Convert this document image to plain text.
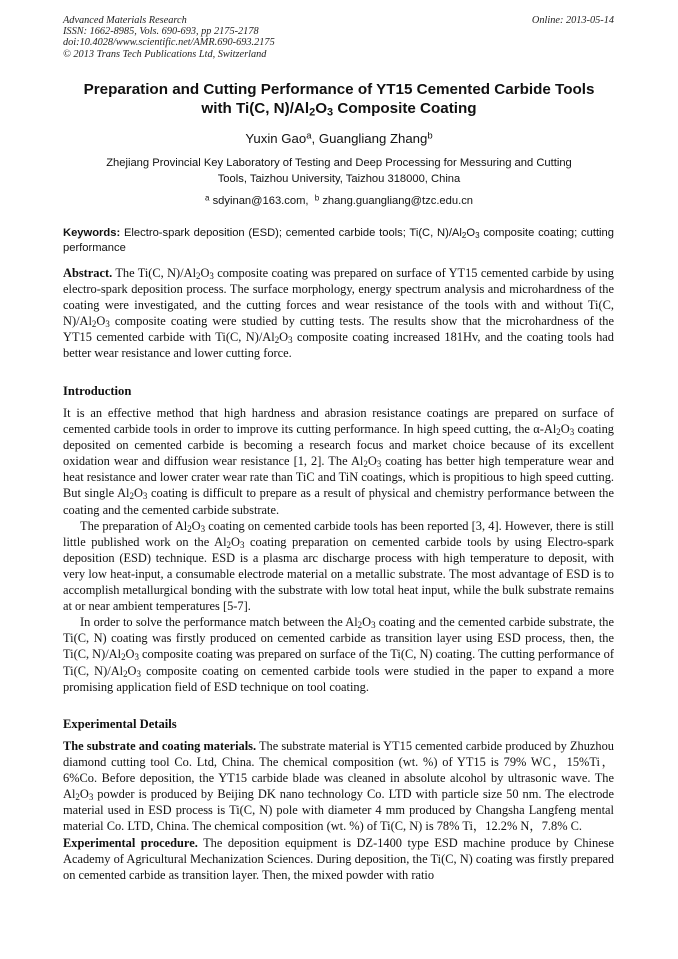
Advanced Materials Research
ISSN: 1662-8985, Vols. 690-693, pp 2175-2178
doi:10.4028/www.scientific.net/AMR.690-693.2175
© 2013 Trans Tech Publications Ltd, Switzerland
Online: 2013-05-14
Preparation and Cutting Performance of YT15 Cemented Carbide Tools
with Ti(C, $N)/Al_2O_3$ Composite Coating
Yuxin Gao$^a$, Guangliang Zhang$^b$
Zhejiang Provincial Key Laboratory of Testing and Deep Processing for Messuring and Cutting
Tools, Taizhou University, Taizhou 318000, China
$^a$ sdyinan@163.com, $^b$ zhang.guangliang@tzc.edu.cn
Keywords: Electro-spark deposition (ESD); cemented carbide tools; Ti(C, $N)/Al_2O_3$ composite coating; cutting performance

Abstract. The Ti(C, $N)/Al_2O_3$ composite coating was prepared on surface of YT15 cemented carbide by using electro-spark deposition process. The surface morphology, energy spectrum analysis and microhardness of the coating were investigated, and the cutting forces and wear resistance of the tools with and without Ti(C, $N)/Al_2O_3$ composite coating were studied by cutting tests. The results show that the microhardness of the YT15 cemented carbide with Ti(C, $N)/Al_2O_3$ composite coating increased 181Hv, and the coating tools had better wear resistance and lower cutting force.

Introduction

It is an effective method that high hardness and abrasion resistance coatings are prepared on surface of cemented carbide tools in order to improve its cutting performance. In high speed cutting, the $\alpha-Al_2O_3$ coating deposited on cemented carbide is becoming a research focus and market choice because of its excellent oxidation wear and diffusion wear resistance [1, 2]. The $Al_2O_3$ coating has better high temperature wear and heat resistance and lower crater wear rate than TiC and TiN coatings, which is propitious to high speed cutting. But single $Al_2O_3$ coating is difficult to prepare as a result of physical and chemistry performance between the coating and the cemented carbide substrate.

The preparation of $Al_2O_3$ coating on cemented carbide tools has been reported [3, 4]. However, there is still little published work on the $Al_2O_3$ coating preparation on cemented carbide tools by using Electro-spark deposition (ESD) technique. ESD is a plasma arc discharge process with high temperature to deposit, with very low heat-input, a consumable electrode material on a metallic substrate. The most advantage of ESD is to accomplish metallurgical bonding with the substrate with low total heat input, while the bulk substrate remains at or near ambient temperatures [5-7].

In order to solve the performance match between the $Al_2O_3$ coating and the cemented carbide substrate, the Ti(C, N) coating was firstly produced on cemented carbide as transition layer using ESD process, then, the Ti(C, $N)/Al_2O_3$ composite coating was prepared on surface of the Ti(C, N) coating. The cutting performance of Ti(C, $N)/Al_2O_3$ composite coating on cemented carbide tools were studied in the paper to expand a more promising application field of ESD technique on tool coating.

Experimental Details

The substrate and coating materials. The substrate material is YT15 cemented carbide produced by Zhuzhou diamond cutting tool Co. Ltd, China. The chemical composition (wt. %) of YT15 is 79% WC，15%Ti，6%Co. Before deposition, the YT15 carbide blade was cleaned in absolute alcohol by ultrasonic wave. The $Al_2O_3$ powder is produced by Beijing DK nano technology Co. LTD with particle size 50 nm. The electrode material used in ESD process is Ti(C, N) pole with diameter 4 mm produced by Changsha Langfeng mental material Co. LTD, China. The chemical composition (wt. %) of Ti(C, N) is 78% Ti，12.2% N，7.8% C.

Experimental procedure. The deposition equipment is DZ-1400 type ESD machine produce by Chinese Academy of Agricultural Mechanization Sciences. During deposition, the Ti(C, N) coating was firstly prepared on cemented carbide as transition layer. Then, the mixed powder with ratio
